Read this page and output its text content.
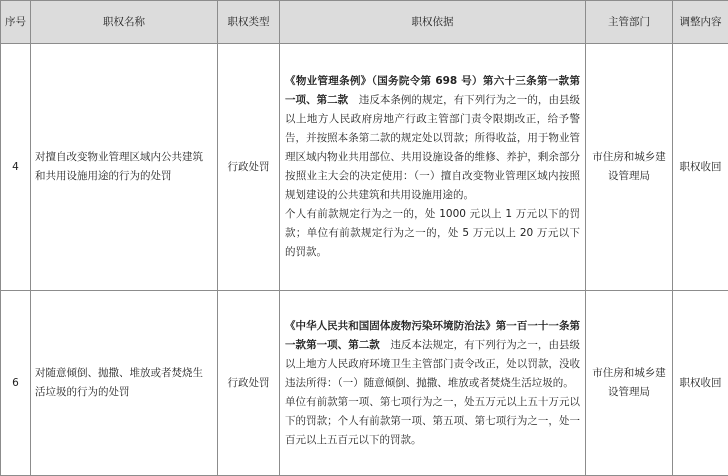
序号	职权名称	职权类型	职权依据	主管部门	调整内容
4	对擅自改变物业管理区域内公共建筑和共用设施用途的行为的处罚	行政处罚	《物业管理条例》（国务院令第 698 号）第六十三条第一款第一项、第二款　 违反本条例的规定，有下列行为之一的，由县级以上地方人民政府房地产行政主管部门责令限期改正，给予警告，并按照本条第二款的规定处以罚款；所得收益，用于物业管理区域内物业共用部位、共用设施设备的维修、养护，剩余部分按照业主大会的决定使用：（一）擅自改变物业管理区域内按照规划建设的公共建筑和共用设施用途的。
个人有前款规定行为之一的，处 1000 元以上 1 万元以下的罚款；单位有前款规定行为之一的，处 5 万元以上 20 万元以下的罚款。	市住房和城乡建设管理局	职权收回
6	对随意倾倒、抛撒、堆放或者焚烧生活垃圾的行为的处罚	行政处罚	《中华人民共和国固体废物污染环境防治法》第一百一十一条第一款第一项、第二款　 违反本法规定，有下列行为之一，由县级以上地方人民政府环境卫生主管部门责令改正，处以罚款，没收违法所得：（一）随意倾倒、抛撒、堆放或者焚烧生活垃圾的。
单位有前款第一项、第七项行为之一，处五万元以上五十万元以下的罚款；个人有前款第一项、第五项、第七项行为之一，处一百元以上五百元以下的罚款。	市住房和城乡建设管理局	职权收回
